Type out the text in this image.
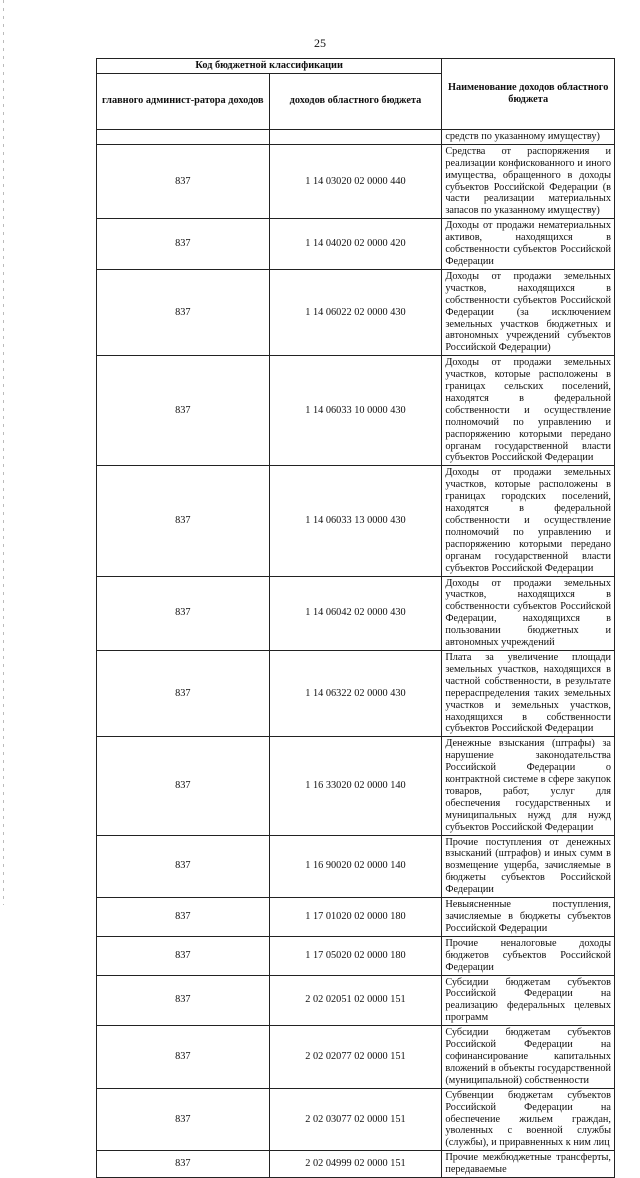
25
Код бюджетной классификации		Наименование доходов областного бюджета
главного админист-ратора доходов	доходов областного бюджета	
		средств по указанному имуществу)
837	1 14 03020 02 0000 440	Средства от распоряжения и реализации конфискованного и иного имущества, обращенного в доходы субъектов Российской Федерации (в части реализации материальных запасов по указанному имуществу)
837	1 14 04020 02 0000 420	Доходы от продажи нематериальных активов, находящихся в собственности субъектов Российской Федерации
837	1 14 06022 02 0000 430	Доходы от продажи земельных участков, находящихся в собственности субъектов Российской Федерации (за исключением земельных участков бюджетных и автономных учреждений субъектов Российской Федерации)
837	1 14 06033 10 0000 430	Доходы от продажи земельных участков, которые расположены в границах сельских поселений, находятся в федеральной собственности и осуществление полномочий по управлению и распоряжению которыми передано органам государственной власти субъектов Российской Федерации
837	1 14 06033 13 0000 430	Доходы от продажи земельных участков, которые расположены в границах городских поселений, находятся в федеральной собственности и осуществление полномочий по управлению и распоряжению которыми передано органам государственной власти субъектов Российской Федерации
837	1 14 06042 02 0000 430	Доходы от продажи земельных участков, находящихся в собственности субъектов Российской Федерации, находящихся в пользовании бюджетных и автономных учреждений
837	1 14 06322 02 0000 430	Плата за увеличение площади земельных участков, находящихся в частной собственности, в результате перераспределения таких земельных участков и земельных участков, находящихся в собственности субъектов Российской Федерации
837	1 16 33020 02 0000 140	Денежные взыскания (штрафы) за нарушение законодательства Российской Федерации о контрактной системе в сфере закупок товаров, работ, услуг для обеспечения государственных и муниципальных нужд для нужд субъектов Российской Федерации
837	1 16 90020 02 0000 140	Прочие поступления от денежных взысканий (штрафов) и иных сумм в возмещение ущерба, зачисляемые в бюджеты субъектов Российской Федерации
837	1 17 01020 02 0000 180	Невыясненные поступления, зачисляемые в бюджеты субъектов Российской Федерации
837	1 17 05020 02 0000 180	Прочие неналоговые доходы бюджетов субъектов Российской Федерации
837	2 02 02051 02 0000 151	Субсидии бюджетам субъектов Российской Федерации на реализацию федеральных целевых программ
837	2 02 02077 02 0000 151	Субсидии бюджетам субъектов Российской Федерации на софинансирование капитальных вложений в объекты государственной (муниципальной) собственности
837	2 02 03077 02 0000 151	Субвенции бюджетам субъектов Российской Федерации на обеспечение жильем граждан, уволенных с военной службы (службы), и приравненных к ним лиц
837	2 02 04999 02 0000 151	Прочие межбюджетные трансферты, передаваемые
